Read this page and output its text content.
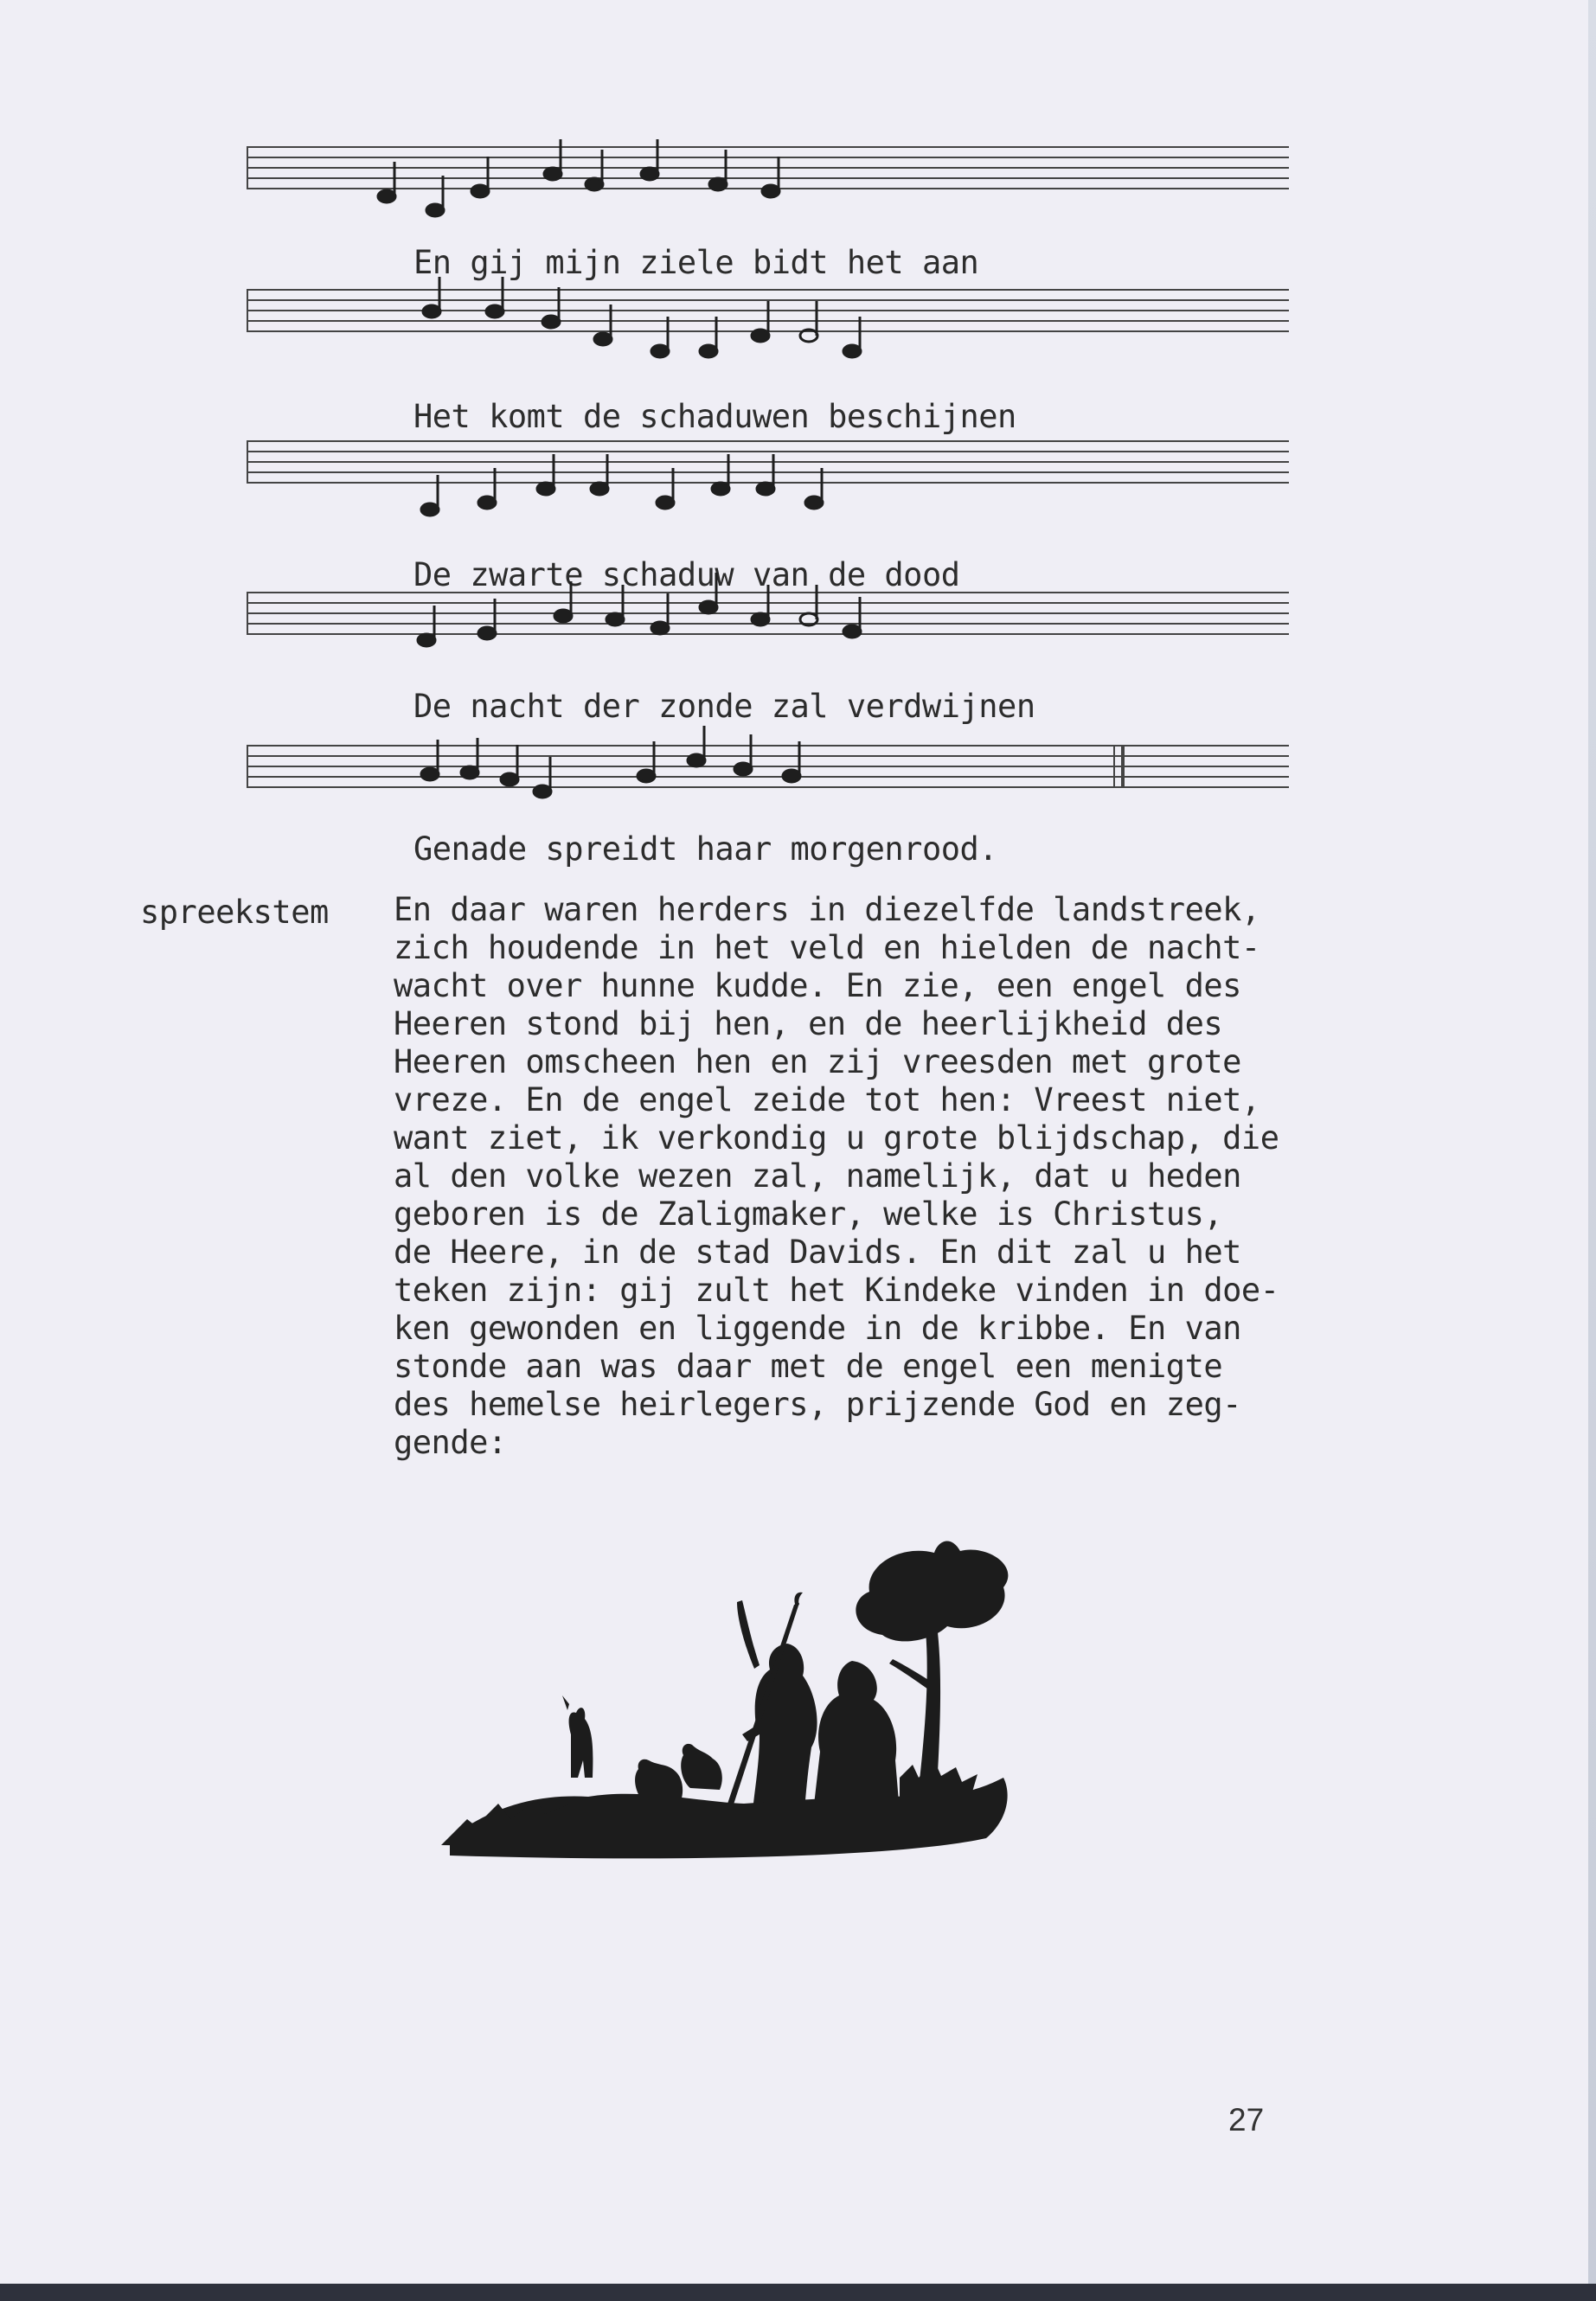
En gij mijn ziele bidt het aan
Het komt de schaduwen beschijnen
De zwarte schaduw van de dood
De nacht der zonde zal verdwijnen
Genade spreidt haar morgenrood.
spreekstem En daar waren herders in diezelfde landstreek,
zich houdende in het veld en hielden de nacht-
wacht over hunne kudde. En zie, een engel des
Heeren stond bij hen, en de heerlijkheid des
Heeren omscheen hen en zij vreesden met grote
vreze. En de engel zeide tot hen: Vreest niet,
want ziet, ik verkondig u grote blijdschap, die
al den volke wezen zal, namelijk, dat u heden
geboren is de Zaligmaker, welke is Christus,
de Heere, in de stad Davids. En dit zal u het
teken zijn: gij zult het Kindeke vinden in doe-
ken gewonden en liggende in de kribbe. En van
stonde aan was daar met de engel een menigte
des hemelse heirlegers, prijzende God en zeg-
gende:
27
